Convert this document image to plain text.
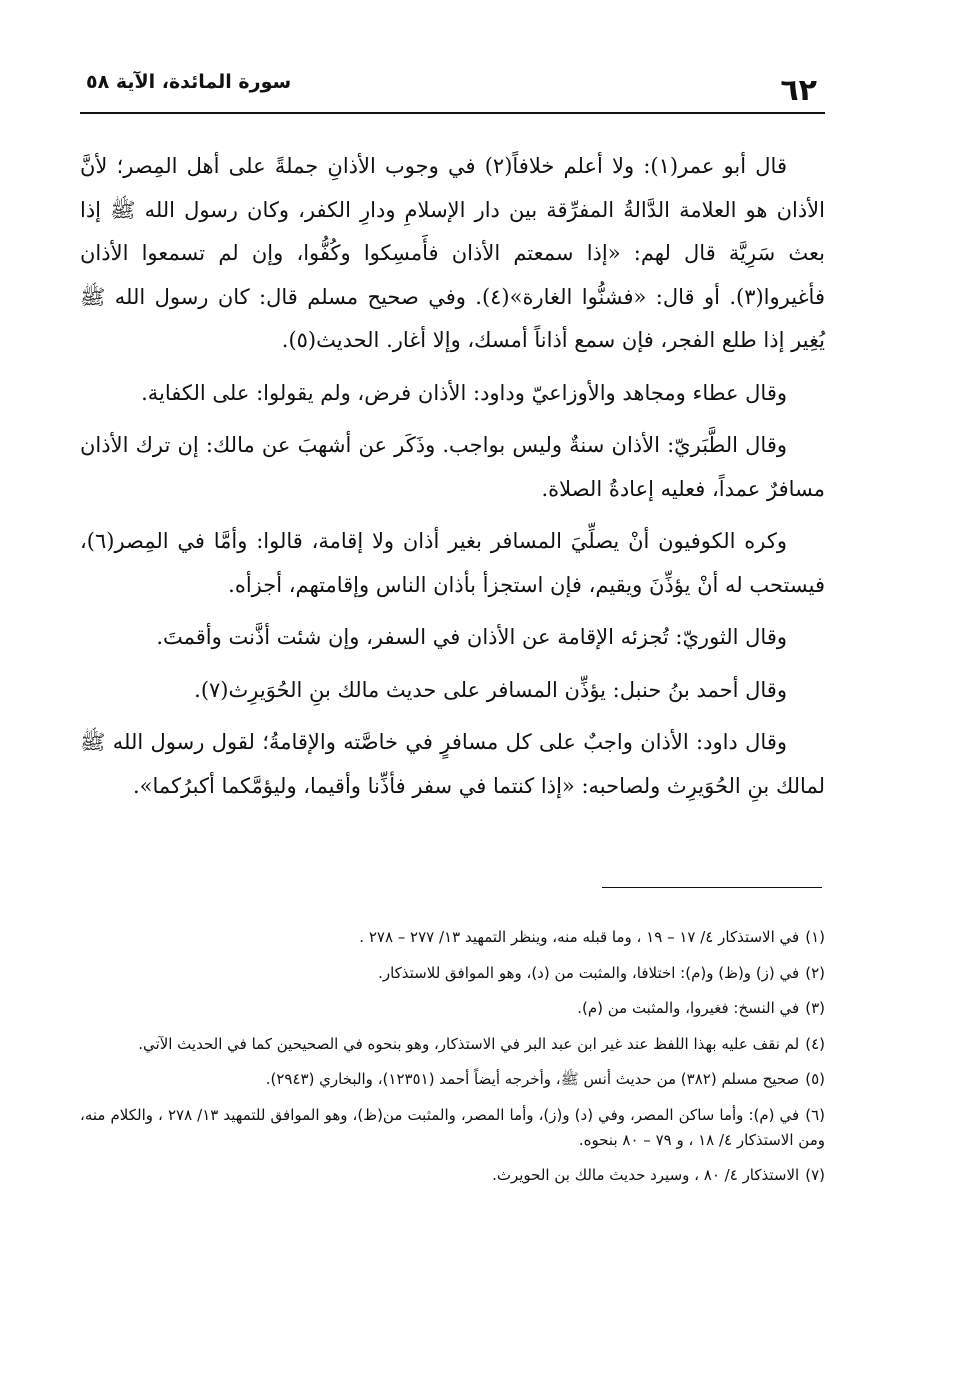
٦٢
سورة المائدة، الآية ٥٨

قال أبو عمر(١): ولا أعلم خلافاً(٢) في وجوب الأذانِ جملةً على أهل المِصر؛ لأنَّ الأذان هو العلامة الدَّالةُ المفرِّقة بين دار الإسلامِ ودارِ الكفر، وكان رسول الله ﷺ إذا بعث سَرِيَّة قال لهم: «إذا سمعتم الأذان فأَمسِكوا وكُفُّوا، وإن لم تسمعوا الأذان فأغيروا(٣). أو قال: «فشنُّوا الغارة»(٤). وفي صحيح مسلم قال: كان رسول الله ﷺ يُغِير إذا طلع الفجر، فإن سمع أذاناً أمسك، وإلا أغار. الحديث(٥).

وقال عطاء ومجاهد والأوزاعيّ وداود: الأذان فرض، ولم يقولوا: على الكفاية.

وقال الطَّبَريّ: الأذان سنةٌ وليس بواجب. وذَكَر عن أشهبَ عن مالك: إن ترك الأذان مسافرٌ عمداً، فعليه إعادةُ الصلاة.

وكره الكوفيون أنْ يصلِّيَ المسافر بغير أذان ولا إقامة، قالوا: وأمَّا في المِصر(٦)، فيستحب له أنْ يؤذِّنَ ويقيم، فإن استجزأ بأذان الناس وإقامتهم، أجزأه.

وقال الثوريّ: تُجزئه الإقامة عن الأذان في السفر، وإن شئت أذَّنت وأقمتَ.

وقال أحمد بنُ حنبل: يؤذِّن المسافر على حديث مالك بنِ الحُوَيرِث(٧).

وقال داود: الأذان واجبٌ على كل مسافرٍ في خاصَّته والإقامةُ؛ لقول رسول الله ﷺ لمالك بنِ الحُوَيرِث ولصاحبه: «إذا كنتما في سفر فأذِّنا وأقيما، وليؤمَّكما أكبرُكما».

(١)في الاستذكار ٤/ ١٧ – ١٩ ، وما قبله منه، وينظر التمهيد ١٣/ ٢٧٧ – ٢٧٨ .

(٢)في (ز) و(ظ) و(م): اختلافا، والمثبت من (د)، وهو الموافق للاستذكار.

(٣)في النسخ: فغيروا، والمثبت من (م).

(٤)لم نقف عليه بهذا اللفظ عند غير ابن عبد البر في الاستذكار، وهو بنحوه في الصحيحين كما في الحديث الآتي.

(٥)صحيح مسلم (٣٨٢) من حديث أنس ﷺ، وأخرجه أيضاً أحمد (١٢٣٥١)، والبخاري (٢٩٤٣).

(٦)في (م): وأما ساكن المصر، وفي (د) و(ز)، وأما المصر، والمثبت من(ظ)، وهو الموافق للتمهيد ١٣/ ٢٧٨ ، والكلام منه، ومن الاستذكار ٤/ ١٨ ، و ٧٩ – ٨٠ بنحوه.

(٧)الاستذكار ٤/ ٨٠ ، وسيرد حديث مالك بن الحويرث.
